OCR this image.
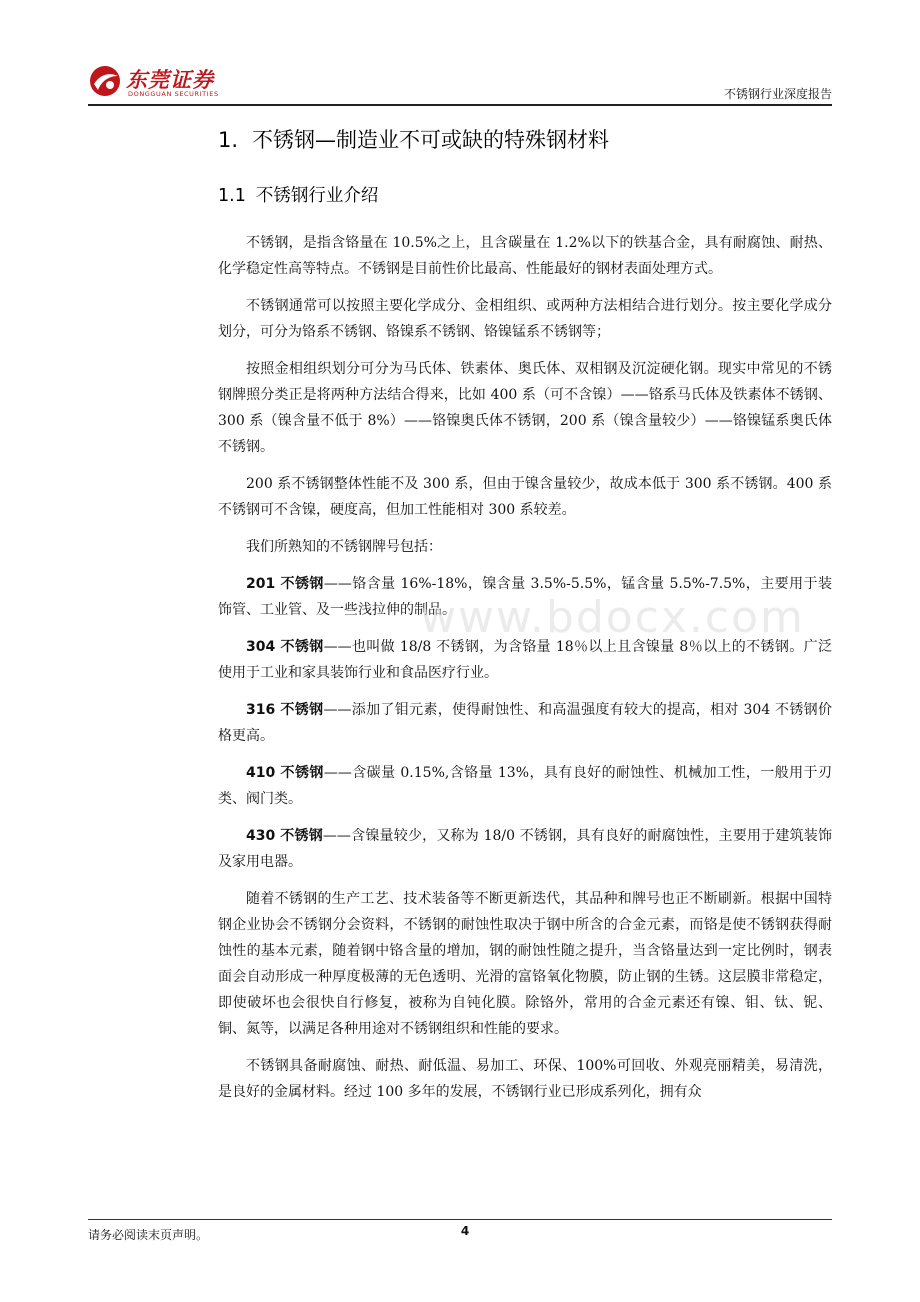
东莞证券
DONGGUAN SECURITIES	不锈钢行业深度报告
1. 不锈钢—制造业不可或缺的特殊钢材料
1.1 不锈钢行业介绍

不锈钢，是指含铬量在 10.5%之上，且含碳量在 1.2%以下的铁基合金，具有耐腐蚀、耐热、化学稳定性高等特点。不锈钢是目前性价比最高、性能最好的钢材表面处理方式。

不锈钢通常可以按照主要化学成分、金相组织、或两种方法相结合进行划分。按主要化学成分划分，可分为铬系不锈钢、铬镍系不锈钢、铬镍锰系不锈钢等；

按照金相组织划分可分为马氏体、铁素体、奥氏体、双相钢及沉淀硬化钢。现实中常见的不锈钢牌照分类正是将两种方法结合得来，比如 400 系（可不含镍）——铬系马氏体及铁素体不锈钢、300 系（镍含量不低于 8%）——铬镍奥氏体不锈钢，200 系（镍含量较少）——铬镍锰系奥氏体不锈钢。

200 系不锈钢整体性能不及 300 系，但由于镍含量较少，故成本低于 300 系不锈钢。400 系不锈钢可不含镍，硬度高，但加工性能相对 300 系较差。

我们所熟知的不锈钢牌号包括：

201 不锈钢——铬含量 16%-18%，镍含量 3.5%-5.5%，锰含量 5.5%-7.5%，主要用于装饰管、工业管、及一些浅拉伸的制品。

304 不锈钢——也叫做 18/8 不锈钢，为含铬量 18％以上且含镍量 8％以上的不锈钢。广泛使用于工业和家具装饰行业和食品医疗行业。

316 不锈钢——添加了钼元素，使得耐蚀性、和高温强度有较大的提高，相对 304 不锈钢价格更高。

410 不锈钢——含碳量 0.15%,含铬量 13%，具有良好的耐蚀性、机械加工性，一般用于刃类、阀门类。

430 不锈钢——含镍量较少，又称为 18/0 不锈钢，具有良好的耐腐蚀性，主要用于建筑装饰及家用电器。

随着不锈钢的生产工艺、技术装备等不断更新迭代，其品种和牌号也正不断刷新。根据中国特钢企业协会不锈钢分会资料，不锈钢的耐蚀性取决于钢中所含的合金元素，而铬是使不锈钢获得耐蚀性的基本元素，随着钢中铬含量的增加，钢的耐蚀性随之提升，当含铬量达到一定比例时，钢表面会自动形成一种厚度极薄的无色透明、光滑的富铬氧化物膜，防止钢的生锈。这层膜非常稳定，即使破坏也会很快自行修复，被称为自钝化膜。除铬外，常用的合金元素还有镍、钼、钛、铌、铜、氮等，以满足各种用途对不锈钢组织和性能的要求。

不锈钢具备耐腐蚀、耐热、耐低温、易加工、环保、100%可回收、外观亮丽精美，易清洗，是良好的金属材料。经过 100 多年的发展，不锈钢行业已形成系列化，拥有众

www.bdocx.com
请务必阅读末页声明。	4
